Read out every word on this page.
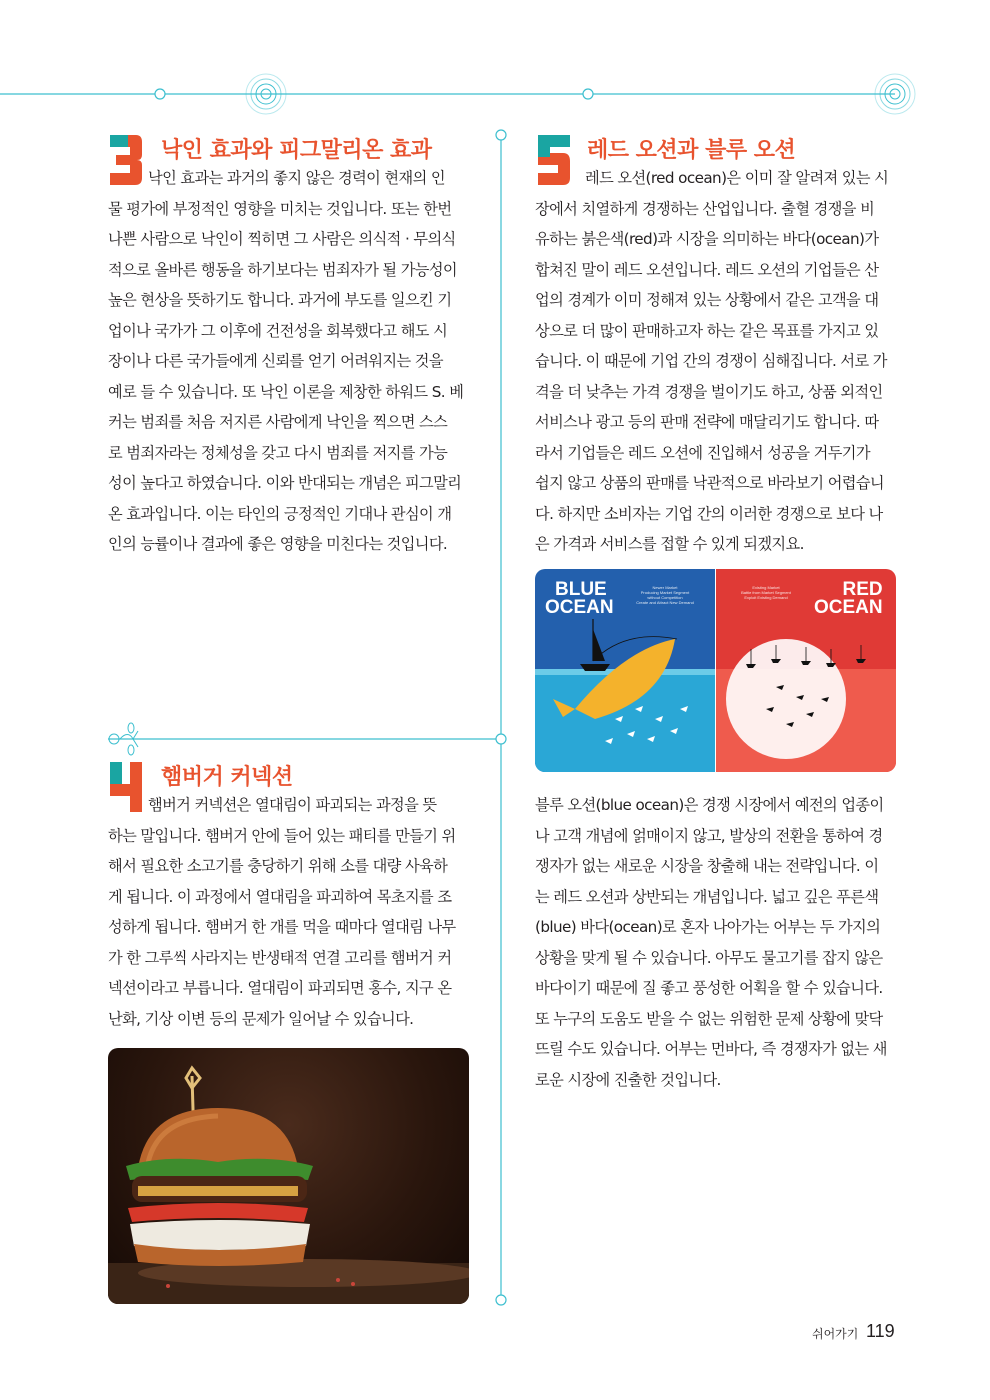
낙인 효과와 피그말리온 효과
낙인 효과는 과거의 좋지 않은 경력이 현재의 인
물 평가에 부정적인 영향을 미치는 것입니다. 또는 한번
나쁜 사람으로 낙인이 찍히면 그 사람은 의식적 · 무의식
적으로 올바른 행동을 하기보다는 범죄자가 될 가능성이
높은 현상을 뜻하기도 합니다. 과거에 부도를 일으킨 기
업이나 국가가 그 이후에 건전성을 회복했다고 해도 시
장이나 다른 국가들에게 신뢰를 얻기 어려워지는 것을
예로 들 수 있습니다. 또 낙인 이론을 제창한 하워드 S. 베
커는 범죄를 처음 저지른 사람에게 낙인을 찍으면 스스
로 범죄자라는 정체성을 갖고 다시 범죄를 저지를 가능
성이 높다고 하였습니다. 이와 반대되는 개념은 피그말리
온 효과입니다. 이는 타인의 긍정적인 기대나 관심이 개
인의 능률이나 결과에 좋은 영향을 미친다는 것입니다.
햄버거 커넥션
햄버거 커넥션은 열대림이 파괴되는 과정을 뜻
하는 말입니다. 햄버거 안에 들어 있는 패티를 만들기 위
해서 필요한 소고기를 충당하기 위해 소를 대량 사육하
게 됩니다. 이 과정에서 열대림을 파괴하여 목초지를 조
성하게 됩니다. 햄버거 한 개를 먹을 때마다 열대림 나무
가 한 그루씩 사라지는 반생태적 연결 고리를 햄버거 커
넥션이라고 부릅니다. 열대림이 파괴되면 홍수, 지구 온
난화, 기상 이변 등의 문제가 일어날 수 있습니다.
레드 오션과 블루 오션
레드 오션(red ocean)은 이미 잘 알려져 있는 시
장에서 치열하게 경쟁하는 산업입니다. 출혈 경쟁을 비
유하는 붉은색(red)과 시장을 의미하는 바다(ocean)가
합쳐진 말이 레드 오션입니다. 레드 오션의 기업들은 산
업의 경계가 이미 정해져 있는 상황에서 같은 고객을 대
상으로 더 많이 판매하고자 하는 같은 목표를 가지고 있
습니다. 이 때문에 기업 간의 경쟁이 심해집니다. 서로 가
격을 더 낮추는 가격 경쟁을 벌이기도 하고, 상품 외적인
서비스나 광고 등의 판매 전략에 매달리기도 합니다. 따
라서 기업들은 레드 오션에 진입해서 성공을 거두기가
쉽지 않고 상품의 판매를 낙관적으로 바라보기 어렵습니
다. 하지만 소비자는 기업 간의 이러한 경쟁으로 보다 나
은 가격과 서비스를 접할 수 있게 되겠지요.
BLUE
OCEAN
Newer Market
Producing Market Segment
without Competition
Create and Attract New Demand
Existing Market
Battle from Market Segment
Exploit Existing Demand	RED
OCEAN
블루 오션(blue ocean)은 경쟁 시장에서 예전의 업종이
나 고객 개념에 얽매이지 않고, 발상의 전환을 통하여 경
쟁자가 없는 새로운 시장을 창출해 내는 전략입니다. 이
는 레드 오션과 상반되는 개념입니다. 넓고 깊은 푸른색
(blue) 바다(ocean)로 혼자 나아가는 어부는 두 가지의
상황을 맞게 될 수 있습니다. 아무도 물고기를 잡지 않은
바다이기 때문에 질 좋고 풍성한 어획을 할 수 있습니다.
또 누구의 도움도 받을 수 없는 위험한 문제 상황에 맞닥
뜨릴 수도 있습니다. 어부는 먼바다, 즉 경쟁자가 없는 새
로운 시장에 진출한 것입니다.
쉬어가기 119
